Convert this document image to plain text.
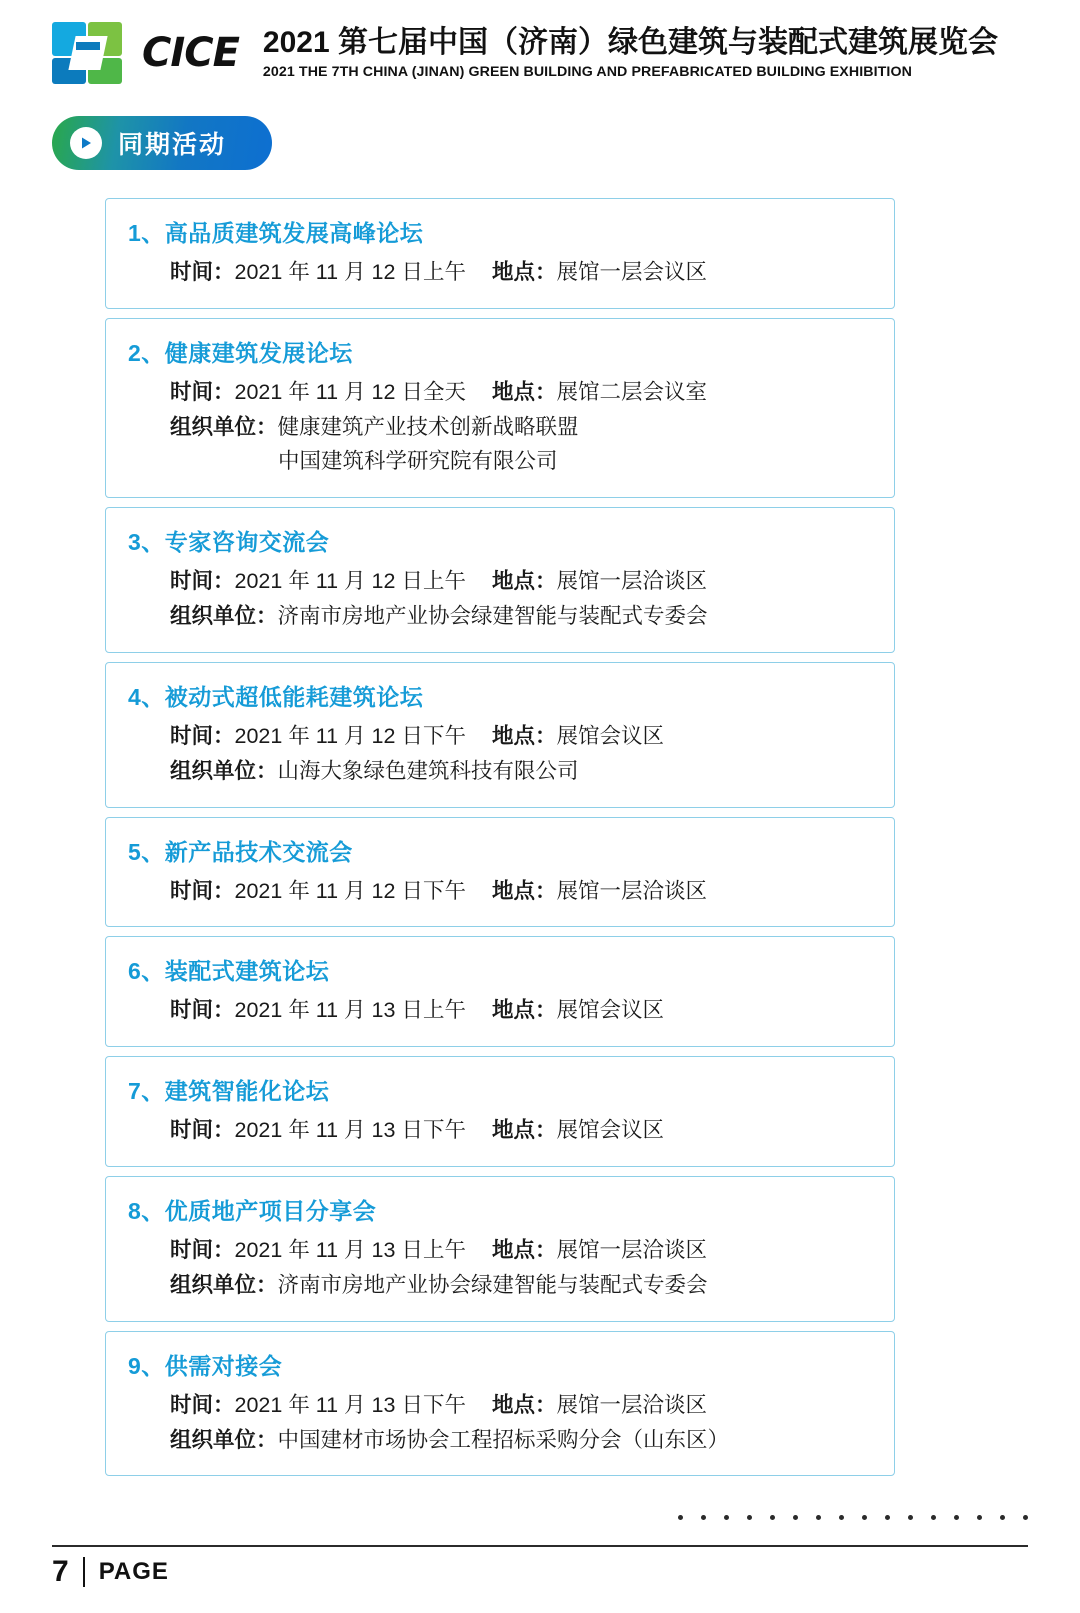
CICE 2021 第七届中国（济南）绿色建筑与装配式建筑展览会
2021 THE 7TH CHINA (JINAN) GREEN BUILDING AND PREFABRICATED BUILDING EXHIBITION
同期活动
1、高品质建筑发展高峰论坛
时间：2021 年 11 月 12 日上午 地点：展馆一层会议区
2、健康建筑发展论坛
时间：2021 年 11 月 12 日全天 地点：展馆二层会议室
组织单位：健康建筑产业技术创新战略联盟
中国建筑科学研究院有限公司
3、专家咨询交流会
时间：2021 年 11 月 12 日上午 地点：展馆一层洽谈区
组织单位：济南市房地产业协会绿建智能与装配式专委会
4、被动式超低能耗建筑论坛
时间：2021 年 11 月 12 日下午 地点：展馆会议区
组织单位：山海大象绿色建筑科技有限公司
5、新产品技术交流会
时间：2021 年 11 月 12 日下午 地点：展馆一层洽谈区
6、装配式建筑论坛
时间：2021 年 11 月 13 日上午 地点：展馆会议区
7、建筑智能化论坛
时间：2021 年 11 月 13 日下午 地点：展馆会议区
8、优质地产项目分享会
时间：2021 年 11 月 13 日上午 地点：展馆一层洽谈区
组织单位：济南市房地产业协会绿建智能与装配式专委会
9、供需对接会
时间：2021 年 11 月 13 日下午 地点：展馆一层洽谈区
组织单位：中国建材市场协会工程招标采购分会（山东区）
7 PAGE
